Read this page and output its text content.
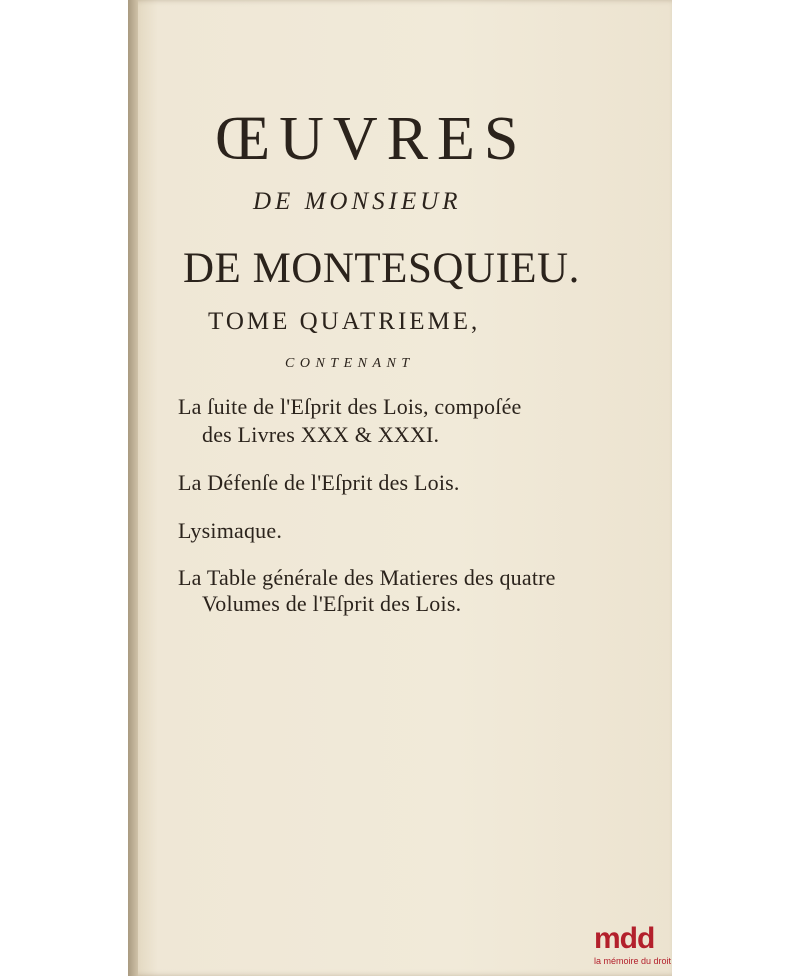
ŒUVRES
DE MONSIEUR
DE MONTESQUIEU.
TOME QUATRIEME,
CONTENANT
La ſuite de l'Eſprit des Lois, compoſée
des Livres XXX & XXXI.
La Défenſe de l'Eſprit des Lois.
Lysimaque.
La Table générale des Matieres des quatre
Volumes de l'Eſprit des Lois.
mdd
la mémoire du droit
